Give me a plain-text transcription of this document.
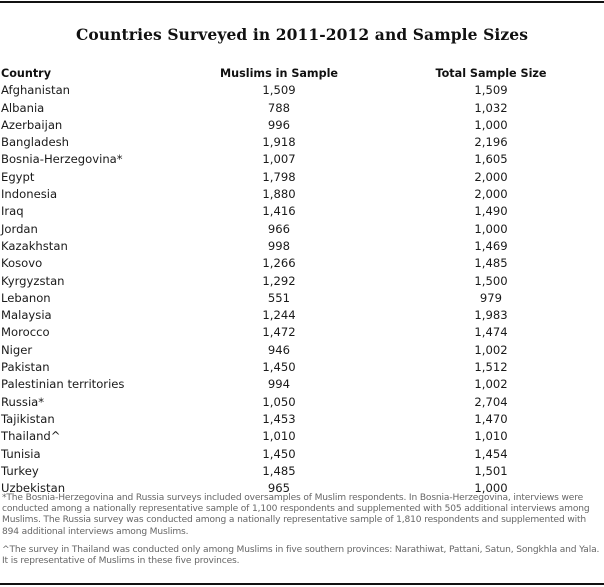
Countries Surveyed in 2011-2012 and Sample Sizes
Country	Muslims in Sample	Total Sample Size
Afghanistan	1,509	1,509
Albania	788	1,032
Azerbaijan	996	1,000
Bangladesh	1,918	2,196
Bosnia-Herzegovina*	1,007	1,605
Egypt	1,798	2,000
Indonesia	1,880	2,000
Iraq	1,416	1,490
Jordan	966	1,000
Kazakhstan	998	1,469
Kosovo	1,266	1,485
Kyrgyzstan	1,292	1,500
Lebanon	551	979
Malaysia	1,244	1,983
Morocco	1,472	1,474
Niger	946	1,002
Pakistan	1,450	1,512
Palestinian territories	994	1,002
Russia*	1,050	2,704
Tajikistan	1,453	1,470
Thailand^	1,010	1,010
Tunisia	1,450	1,454
Turkey	1,485	1,501
Uzbekistan	965	1,000

*The Bosnia-Herzegovina and Russia surveys included oversamples of Muslim respondents. In Bosnia-Herzegovina, interviews were conducted among a nationally representative sample of 1,100 respondents and supplemented with 505 additional interviews among Muslims. The Russia survey was conducted among a nationally representative sample of 1,810 respondents and supplemented with 894 additional interviews among Muslims.

^The survey in Thailand was conducted only among Muslims in five southern provinces: Narathiwat, Pattani, Satun, Songkhla and Yala. It is representative of Muslims in these five provinces.
